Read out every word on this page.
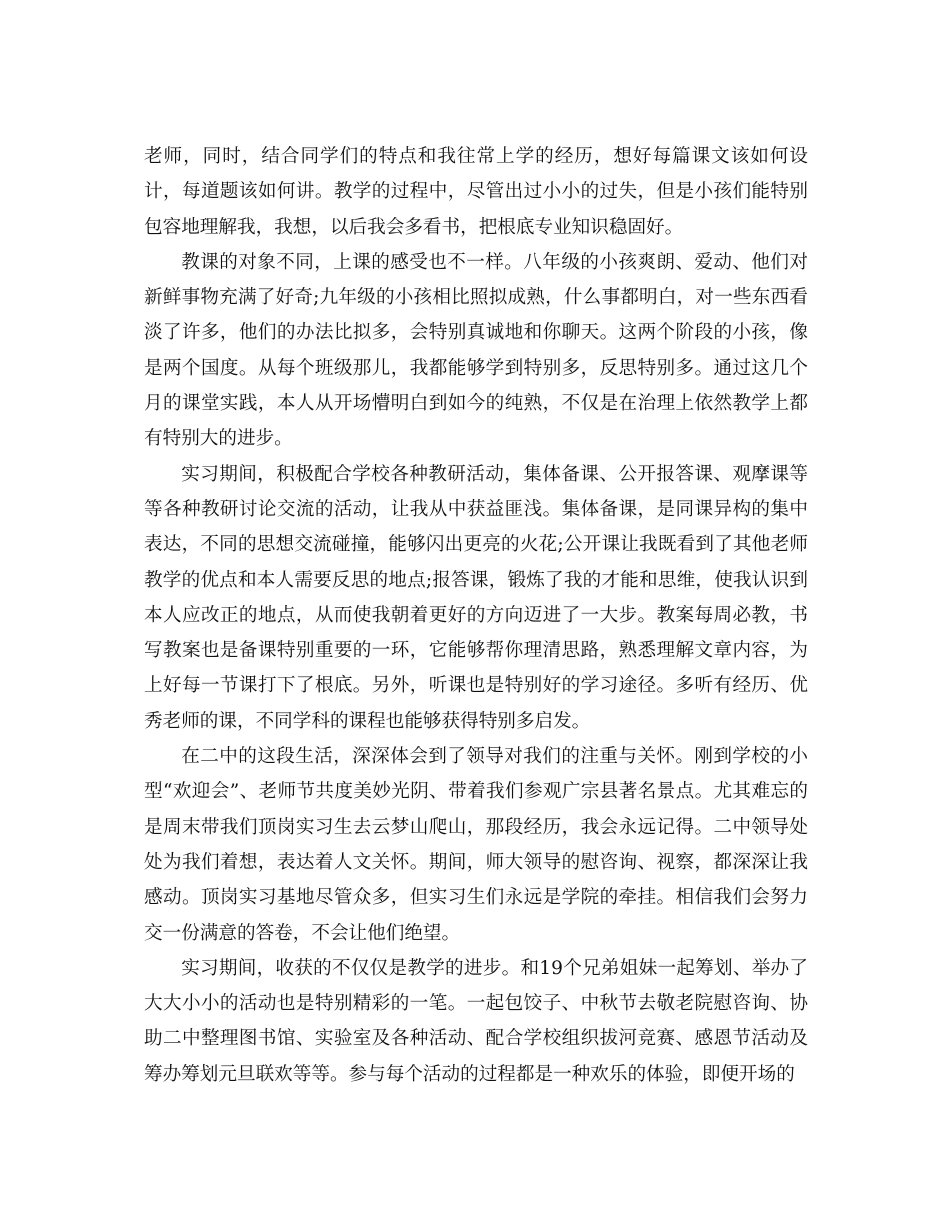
老师，同时，结合同学们的特点和我往常上学的经历，想好每篇课文该如何设计，每道题该如何讲。教学的过程中，尽管出过小小的过失，但是小孩们能特别包容地理解我，我想，以后我会多看书，把根底专业知识稳固好。

教课的对象不同，上课的感受也不一样。八年级的小孩爽朗、爱动、他们对新鲜事物充满了好奇;九年级的小孩相比照拟成熟，什么事都明白，对一些东西看淡了许多，他们的办法比拟多，会特别真诚地和你聊天。这两个阶段的小孩，像是两个国度。从每个班级那儿，我都能够学到特别多，反思特别多。通过这几个月的课堂实践，本人从开场懵明白到如今的纯熟，不仅是在治理上依然教学上都有特别大的进步。

实习期间，积极配合学校各种教研活动，集体备课、公开报答课、观摩课等等各种教研讨论交流的活动，让我从中获益匪浅。集体备课，是同课异构的集中表达，不同的思想交流碰撞，能够闪出更亮的火花;公开课让我既看到了其他老师教学的优点和本人需要反思的地点;报答课，锻炼了我的才能和思维，使我认识到本人应改正的地点，从而使我朝着更好的方向迈进了一大步。教案每周必教，书写教案也是备课特别重要的一环，它能够帮你理清思路，熟悉理解文章内容，为上好每一节课打下了根底。另外，听课也是特别好的学习途径。多听有经历、优秀老师的课，不同学科的课程也能够获得特别多启发。

在二中的这段生活，深深体会到了领导对我们的注重与关怀。刚到学校的小型“欢迎会”、老师节共度美妙光阴、带着我们参观广宗县著名景点。尤其难忘的是周末带我们顶岗实习生去云梦山爬山，那段经历，我会永远记得。二中领导处处为我们着想，表达着人文关怀。期间，师大领导的慰咨询、视察，都深深让我感动。顶岗实习基地尽管众多，但实习生们永远是学院的牵挂。相信我们会努力交一份满意的答卷，不会让他们绝望。

实习期间，收获的不仅仅是教学的进步。和19个兄弟姐妹一起筹划、举办了大大小小的活动也是特别精彩的一笔。一起包饺子、中秋节去敬老院慰咨询、协助二中整理图书馆、实验室及各种活动、配合学校组织拔河竞赛、感恩节活动及筹办筹划元旦联欢等等。参与每个活动的过程都是一种欢乐的体验，即便开场的
